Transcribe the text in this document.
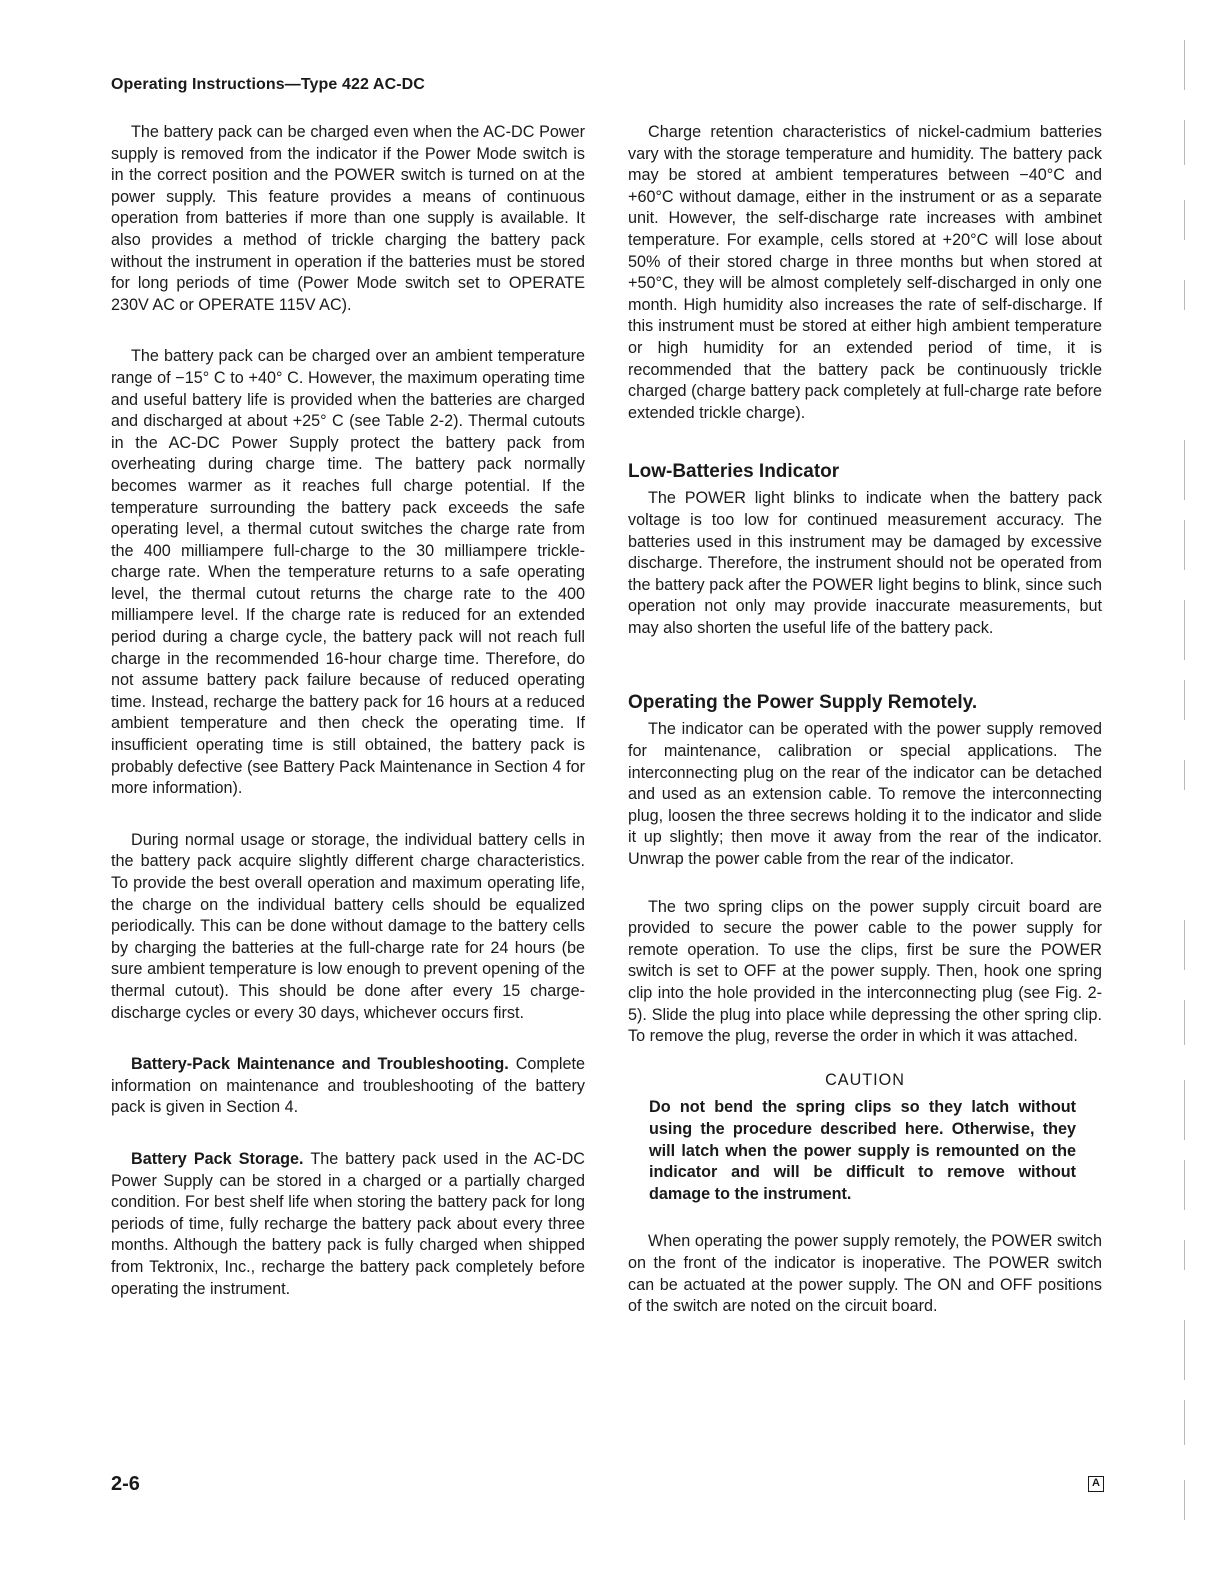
Operating Instructions—Type 422 AC-DC

The battery pack can be charged even when the AC-DC Power supply is removed from the indicator if the Power Mode switch is in the correct position and the POWER switch is turned on at the power supply. This feature provides a means of continuous operation from batteries if more than one supply is available. It also provides a method of trickle charging the battery pack without the instrument in operation if the batteries must be stored for long periods of time (Power Mode switch set to OPERATE 230V AC or OPERATE 115V AC).

The battery pack can be charged over an ambient temperature range of −15° C to +40° C. However, the maximum operating time and useful battery life is provided when the batteries are charged and discharged at about +25° C (see Table 2-2). Thermal cutouts in the AC-DC Power Supply protect the battery pack from overheating during charge time. The battery pack normally becomes warmer as it reaches full charge potential. If the temperature surrounding the battery pack exceeds the safe operating level, a thermal cutout switches the charge rate from the 400 milliampere full-charge to the 30 milliampere trickle-charge rate. When the temperature returns to a safe operating level, the thermal cutout returns the charge rate to the 400 milliampere level. If the charge rate is reduced for an extended period during a charge cycle, the battery pack will not reach full charge in the recommended 16-hour charge time. Therefore, do not assume battery pack failure because of reduced operating time. Instead, recharge the battery pack for 16 hours at a reduced ambient temperature and then check the operating time. If insufficient operating time is still obtained, the battery pack is probably defective (see Battery Pack Maintenance in Section 4 for more information).

During normal usage or storage, the individual battery cells in the battery pack acquire slightly different charge characteristics. To provide the best overall operation and maximum operating life, the charge on the individual battery cells should be equalized periodically. This can be done without damage to the battery cells by charging the batteries at the full-charge rate for 24 hours (be sure ambient temperature is low enough to prevent opening of the thermal cutout). This should be done after every 15 charge-discharge cycles or every 30 days, whichever occurs first.

Battery-Pack Maintenance and Troubleshooting. Complete information on maintenance and troubleshooting of the battery pack is given in Section 4.

Battery Pack Storage. The battery pack used in the AC-DC Power Supply can be stored in a charged or a partially charged condition. For best shelf life when storing the battery pack for long periods of time, fully recharge the battery pack about every three months. Although the battery pack is fully charged when shipped from Tektronix, Inc., recharge the battery pack completely before operating the instrument.

Charge retention characteristics of nickel-cadmium batteries vary with the storage temperature and humidity. The battery pack may be stored at ambient temperatures between −40°C and +60°C without damage, either in the instrument or as a separate unit. However, the self-discharge rate increases with ambinet temperature. For example, cells stored at +20°C will lose about 50% of their stored charge in three months but when stored at +50°C, they will be almost completely self-discharged in only one month. High humidity also increases the rate of self-discharge. If this instrument must be stored at either high ambient temperature or high humidity for an extended period of time, it is recommended that the battery pack be continuously trickle charged (charge battery pack completely at full-charge rate before extended trickle charge).

Low-Batteries Indicator

The POWER light blinks to indicate when the battery pack voltage is too low for continued measurement accuracy. The batteries used in this instrument may be damaged by excessive discharge. Therefore, the instrument should not be operated from the battery pack after the POWER light begins to blink, since such operation not only may provide inaccurate measurements, but may also shorten the useful life of the battery pack.

Operating the Power Supply Remotely.

The indicator can be operated with the power supply removed for maintenance, calibration or special applications. The interconnecting plug on the rear of the indicator can be detached and used as an extension cable. To remove the interconnecting plug, loosen the three secrews holding it to the indicator and slide it up slightly; then move it away from the rear of the indicator. Unwrap the power cable from the rear of the indicator.

The two spring clips on the power supply circuit board are provided to secure the power cable to the power supply for remote operation. To use the clips, first be sure the POWER switch is set to OFF at the power supply. Then, hook one spring clip into the hole provided in the interconnecting plug (see Fig. 2-5). Slide the plug into place while depressing the other spring clip. To remove the plug, reverse the order in which it was attached.

CAUTION
Do not bend the spring clips so they latch without using the procedure described here. Otherwise, they will latch when the power supply is remounted on the indicator and will be difficult to remove without damage to the instrument.

When operating the power supply remotely, the POWER switch on the front of the indicator is inoperative. The POWER switch can be actuated at the power supply. The ON and OFF positions of the switch are noted on the circuit board.

2-6	A
